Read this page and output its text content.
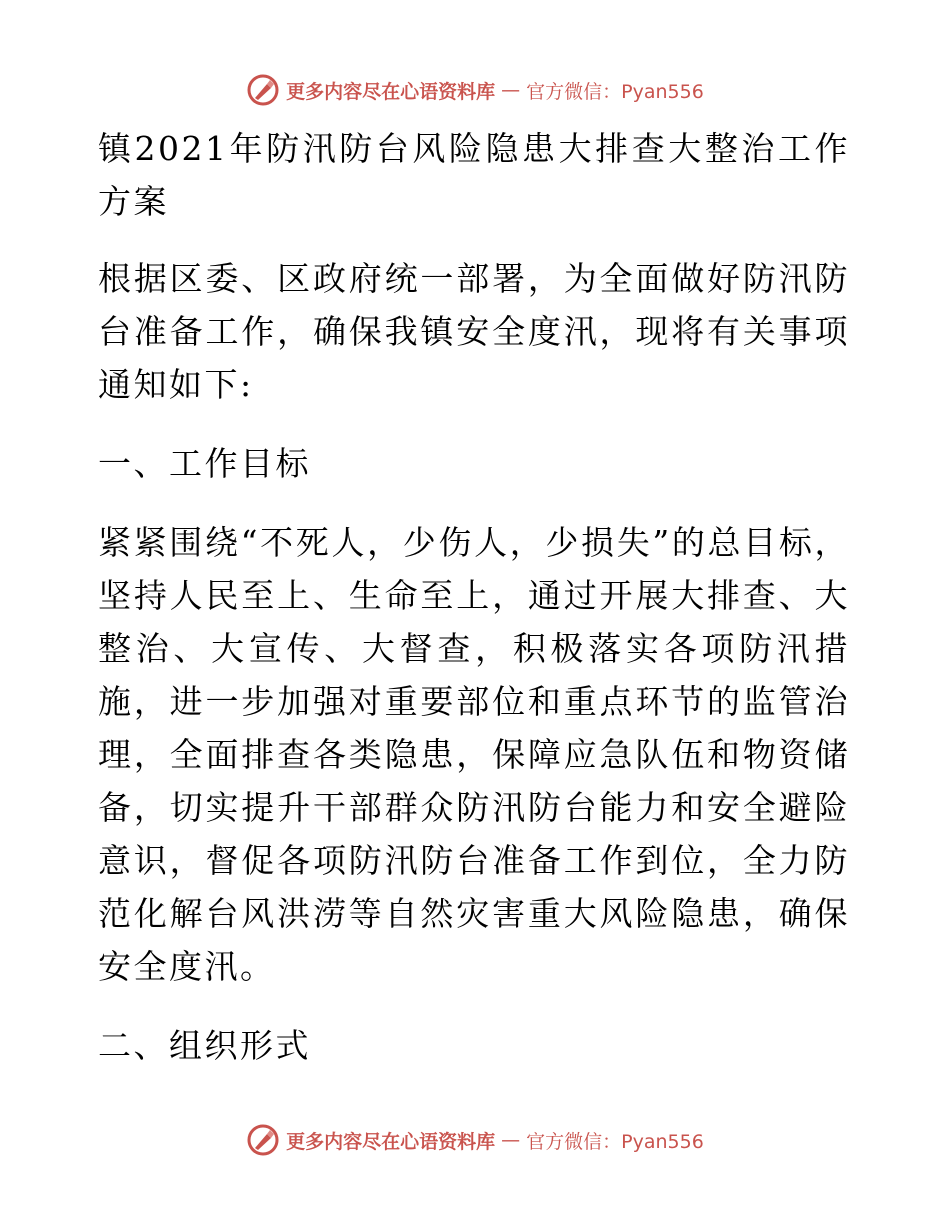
更多内容尽在心语资料库 — 官方微信：Pyan556

镇2021年防汛防台风险隐患大排查大整治工作方案

根据区委、区政府统一部署，为全面做好防汛防台准备工作，确保我镇安全度汛，现将有关事项通知如下:

一、工作目标

紧紧围绕“不死人，少伤人，少损失”的总目标，坚持人民至上、生命至上，通过开展大排查、大整治、大宣传、大督查，积极落实各项防汛措施，进一步加强对重要部位和重点环节的监管治理，全面排查各类隐患，保障应急队伍和物资储备，切实提升干部群众防汛防台能力和安全避险意识，督促各项防汛防台准备工作到位，全力防范化解台风洪涝等自然灾害重大风险隐患，确保安全度汛。

二、组织形式

更多内容尽在心语资料库 — 官方微信：Pyan556
